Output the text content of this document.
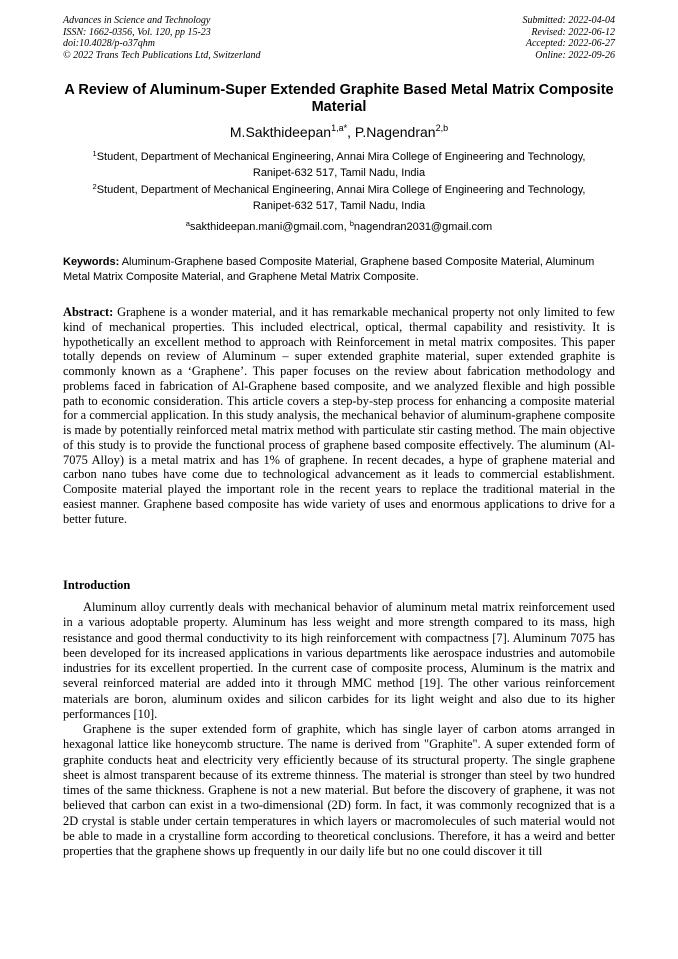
Advances in Science and Technology
ISSN: 1662-0356, Vol. 120, pp 15-23
doi:10.4028/p-o37qhm
© 2022 Trans Tech Publications Ltd, Switzerland
Submitted: 2022-04-04
Revised: 2022-06-12
Accepted: 2022-06-27
Online: 2022-09-26
A Review of Aluminum-Super Extended Graphite Based Metal Matrix Composite Material
M.Sakthideepan$^{1,a*}$, P.Nagendran$^{2,b}$
$^1$Student, Department of Mechanical Engineering, Annai Mira College of Engineering and Technology, Ranipet-632 517, Tamil Nadu, India
$^2$Student, Department of Mechanical Engineering, Annai Mira College of Engineering and Technology, Ranipet-632 517, Tamil Nadu, India
$^a$sakthideepan.mani@gmail.com, $^b$nagendran2031@gmail.com
Keywords: Aluminum-Graphene based Composite Material, Graphene based Composite Material, Aluminum Metal Matrix Composite Material, and Graphene Metal Matrix Composite.
Abstract: Graphene is a wonder material, and it has remarkable mechanical property not only limited to few kind of mechanical properties. This included electrical, optical, thermal capability and resistivity. It is hypothetically an excellent method to approach with Reinforcement in metal matrix composites. This paper totally depends on review of Aluminum – super extended graphite material, super extended graphite is commonly known as a ‘Graphene’. This paper focuses on the review about fabrication methodology and problems faced in fabrication of Al-Graphene based composite, and we analyzed flexible and high possible path to economic consideration. This article covers a step-by-step process for enhancing a composite material for a commercial application. In this study analysis, the mechanical behavior of aluminum-graphene composite is made by potentially reinforced metal matrix method with particulate stir casting method. The main objective of this study is to provide the functional process of graphene based composite effectively. The aluminum (Al-7075 Alloy) is a metal matrix and has 1% of graphene. In recent decades, a hype of graphene material and carbon nano tubes have come due to technological advancement as it leads to commercial establishment. Composite material played the important role in the recent years to replace the traditional material in the easiest manner. Graphene based composite has wide variety of uses and enormous applications to drive for a better future.
Introduction

Aluminum alloy currently deals with mechanical behavior of aluminum metal matrix reinforcement used in a various adoptable property. Aluminum has less weight and more strength compared to its mass, high resistance and good thermal conductivity to its high reinforcement with compactness [7]. Aluminum 7075 has been developed for its increased applications in various departments like aerospace industries and automobile industries for its excellent propertied. In the current case of composite process, Aluminum is the matrix and several reinforced material are added into it through MMC method [19]. The other various reinforcement materials are boron, aluminum oxides and silicon carbides for its light weight and also due to its higher performances [10].

Graphene is the super extended form of graphite, which has single layer of carbon atoms arranged in hexagonal lattice like honeycomb structure. The name is derived from "Graphite". A super extended form of graphite conducts heat and electricity very efficiently because of its structural property. The single graphene sheet is almost transparent because of its extreme thinness. The material is stronger than steel by two hundred times of the same thickness. Graphene is not a new material. But before the discovery of graphene, it was not believed that carbon can exist in a two-dimensional (2D) form. In fact, it was commonly recognized that is a 2D crystal is stable under certain temperatures in which layers or macromolecules of such material would not be able to made in a crystalline form according to theoretical conclusions. Therefore, it has a weird and better properties that the graphene shows up frequently in our daily life but no one could discover it till
